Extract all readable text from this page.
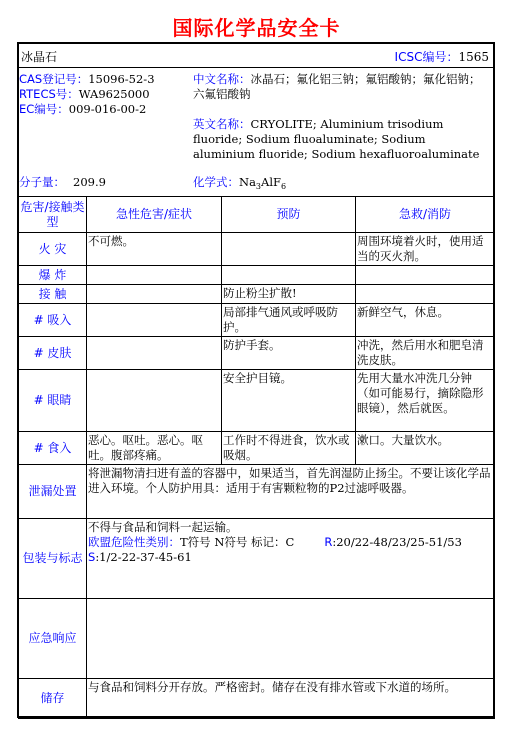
国际化学品安全卡
冰晶石	ICSC编号：1565
CAS登记号：15096-52-3
RTECS号：WA9625000
EC编号：009-016-00-2
分子量： 209.9
中文名称：冰晶石；氟化铝三钠；氟铝酸钠；氟化铝钠；六氟铝酸钠
英文名称：CRYOLITE; Aluminium trisodium fluoride; Sodium fluoaluminate; Sodium aluminium fluoride; Sodium hexafluoroaluminate
化学式：$Na_3AlF_6$
危害/接触类型	急性危害/症状	预防	急救/消防
火 灾	不可燃。		周围环境着火时，使用适当的灭火剂。
爆 炸			
接 触		防止粉尘扩散!	
# 吸入		局部排气通风或呼吸防护。	新鲜空气，休息。
# 皮肤		防护手套。	冲洗，然后用水和肥皂清洗皮肤。
# 眼睛		安全护目镜。	先用大量水冲洗几分钟（如可能易行，摘除隐形眼镜），然后就医。
# 食入	恶心。呕吐。恶心。呕吐。腹部疼痛。	工作时不得进食，饮水或吸烟。	漱口。大量饮水。
泄漏处置	将泄漏物清扫进有盖的容器中，如果适当，首先润湿防止扬尘。不要让该化学品进入环境。个人防护用具：适用于有害颗粒物的P2过滤呼吸器。		
包装与标志	不得与食品和饲料一起运输。
欧盟危险性类别：T符号 N符号 标记：C R:20/22-48/23/25-51/53
S:1/2-22-37-45-61		

应急响应			
储存	与食品和饲料分开存放。严格密封。储存在没有排水管或下水道的场所。		
